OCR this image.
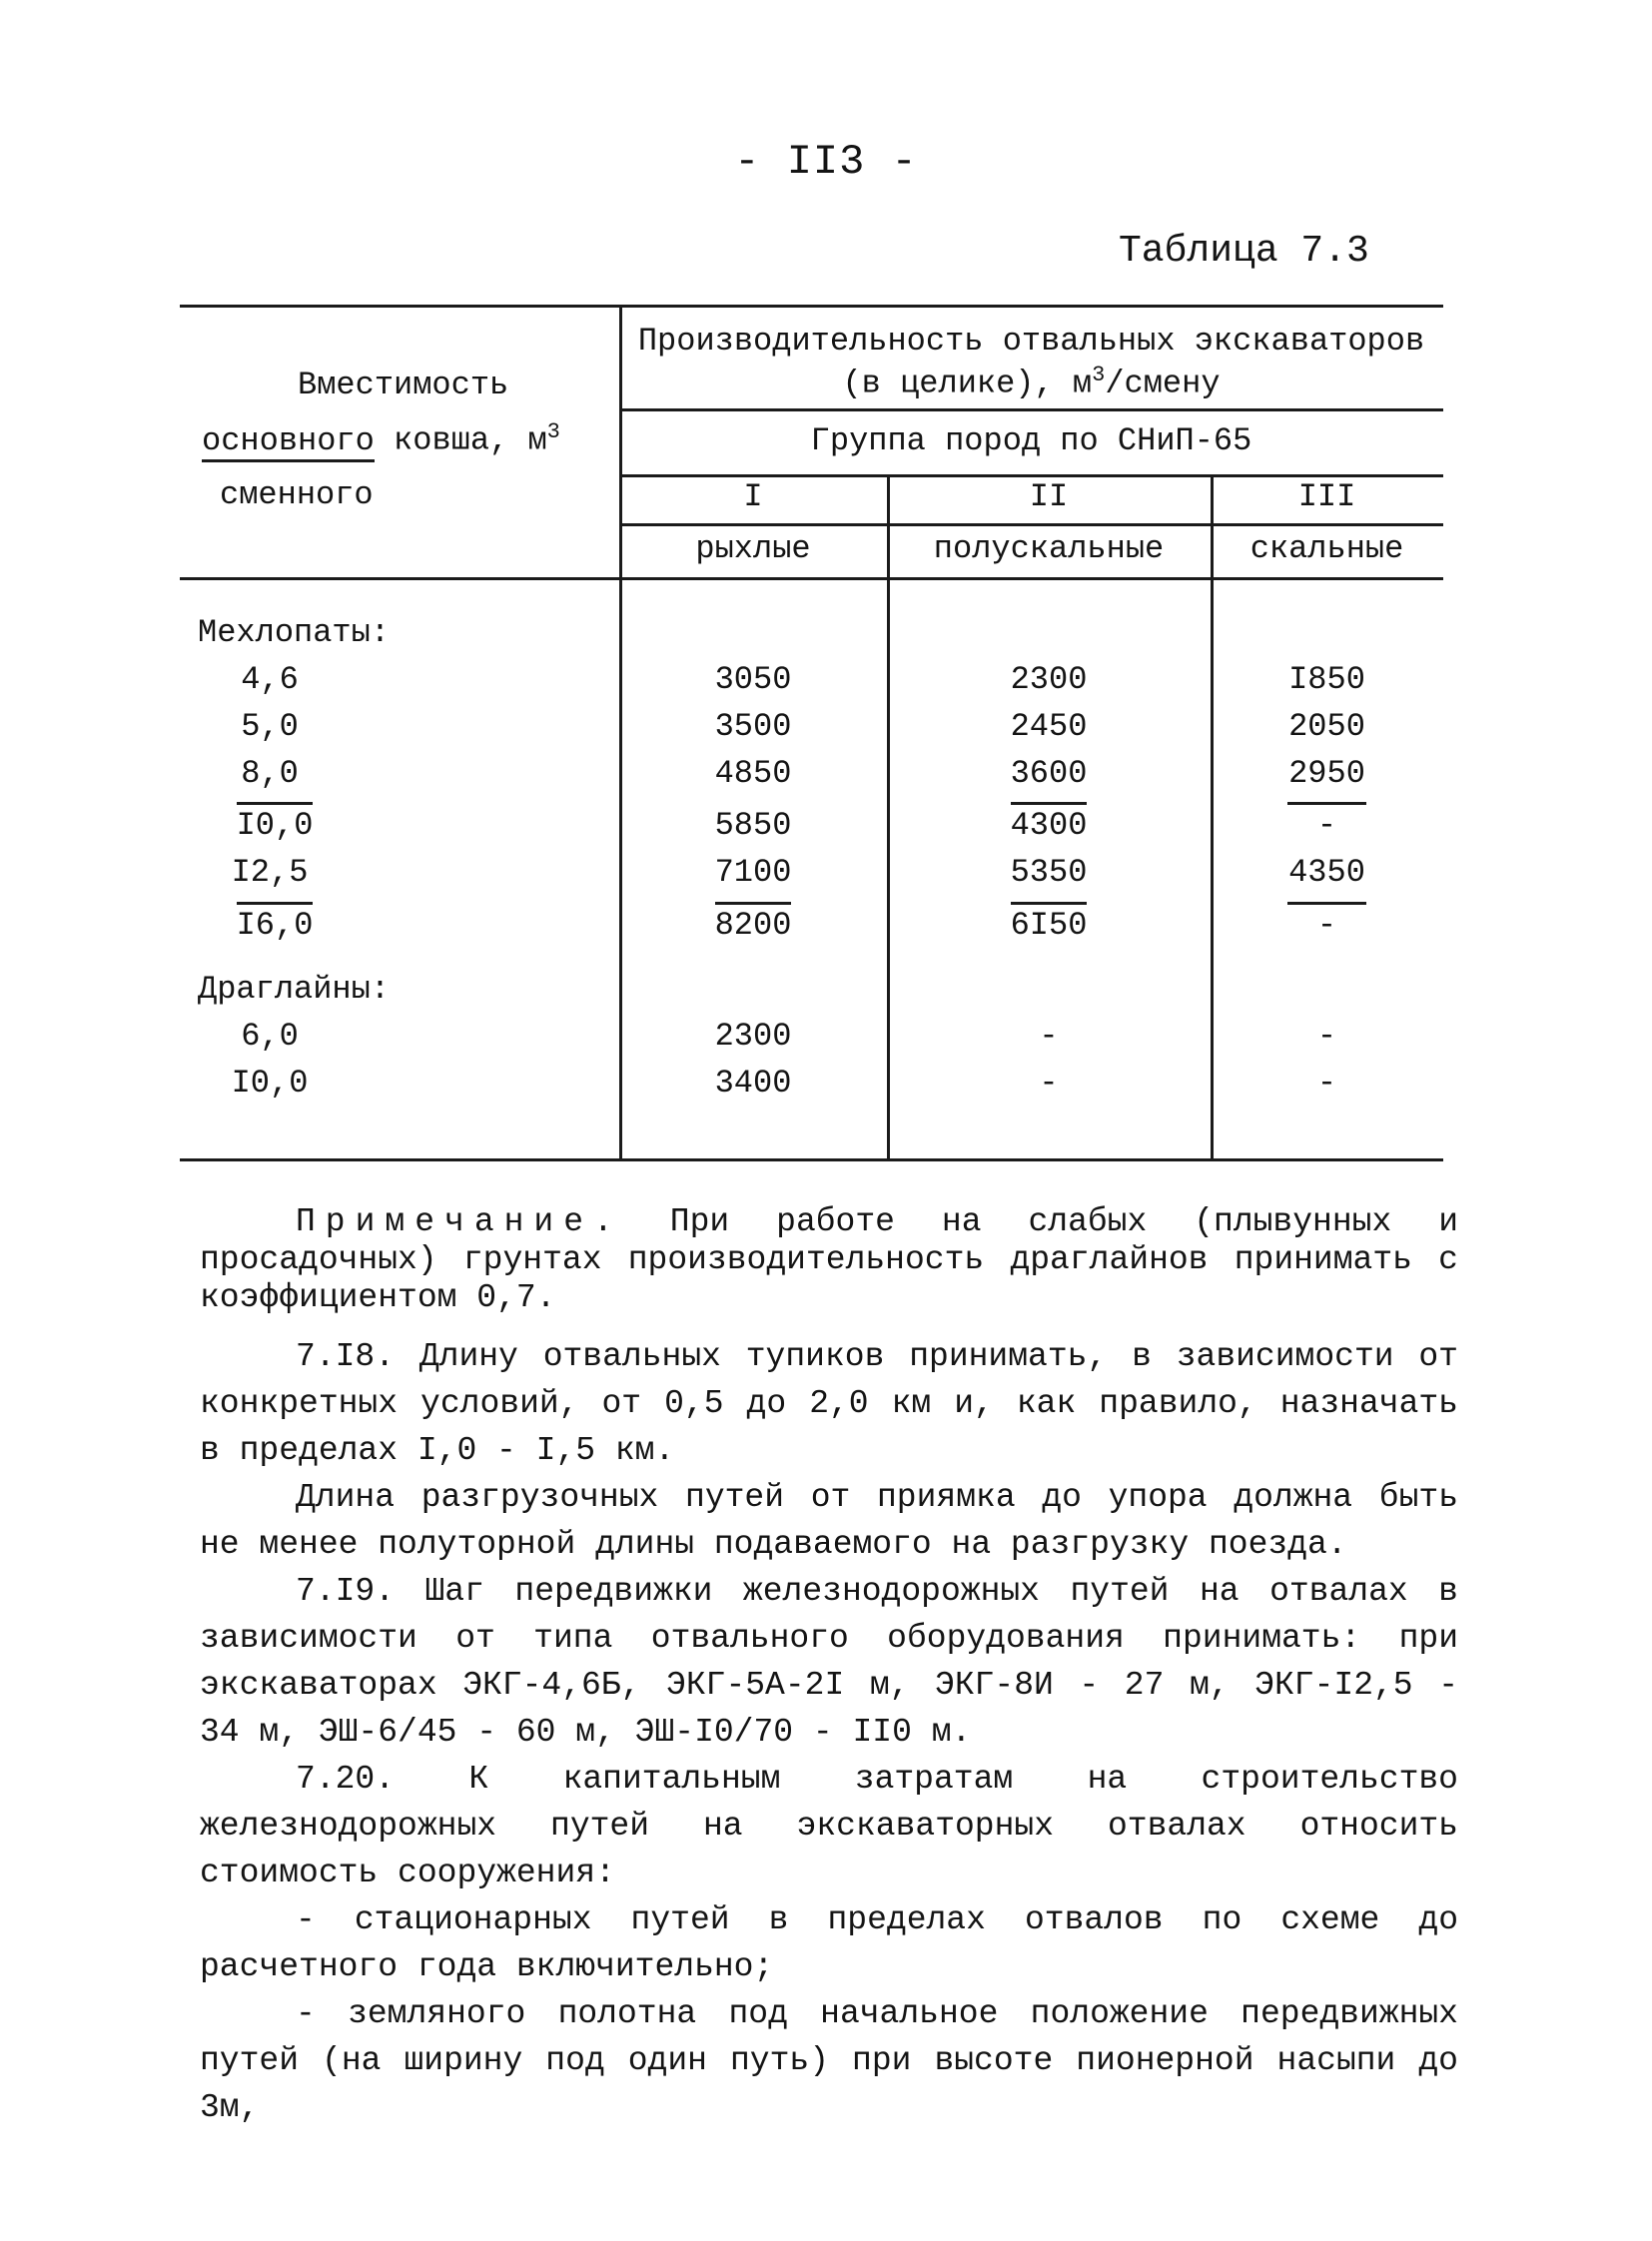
- II3 -
Таблица 7.3
Вместимость
основного ковша, $м^3$
сменного
Производительность отвальных экскаваторов
(в целике), $м^3$/смену
Группа пород по СНиП-65
I	II	III
рыхлые	полускальные	скальные
Мехлопаты:
4,6	3050	2300	I850
5,0	3500	2450	2050
8,0	4850	3600	2950
I0,0	5850	4300	-
I2,5	7100	5350	4350
I6,0	8200	6I50	-
Драглайны:
6,0	2300	-	-
I0,0	3400	-	-

Примечание. При работе на слабых (плывунных и просадочных) грунтах производительность драглайнов принимать с коэффициентом 0,7.

7.I8. Длину отвальных тупиков принимать, в зависимости от конкретных условий, от 0,5 до 2,0 км и, как правило, назначать в пределах I,0 - I,5 км.

Длина разгрузочных путей от приямка до упора должна быть не менее полуторной длины подаваемого на разгрузку поезда.

7.I9. Шаг передвижки железнодорожных путей на отвалах в зависимости от типа отвального оборудования принимать: при экскаваторах ЭКГ-4,6Б, ЭКГ-5А-2I м, ЭКГ-8И - 27 м, ЭКГ-I2,5 - 34 м, ЭШ-6/45 - 60 м, ЭШ-I0/70 - II0 м.

7.20. К капитальным затратам на строительство железнодорожных путей на экскаваторных отвалах относить стоимость сооружения:

- стационарных путей в пределах отвалов по схеме до расчетного года включительно;

- земляного полотна под начальное положение передвижных путей (на ширину под один путь) при высоте пионерной насыпи до 3м,
